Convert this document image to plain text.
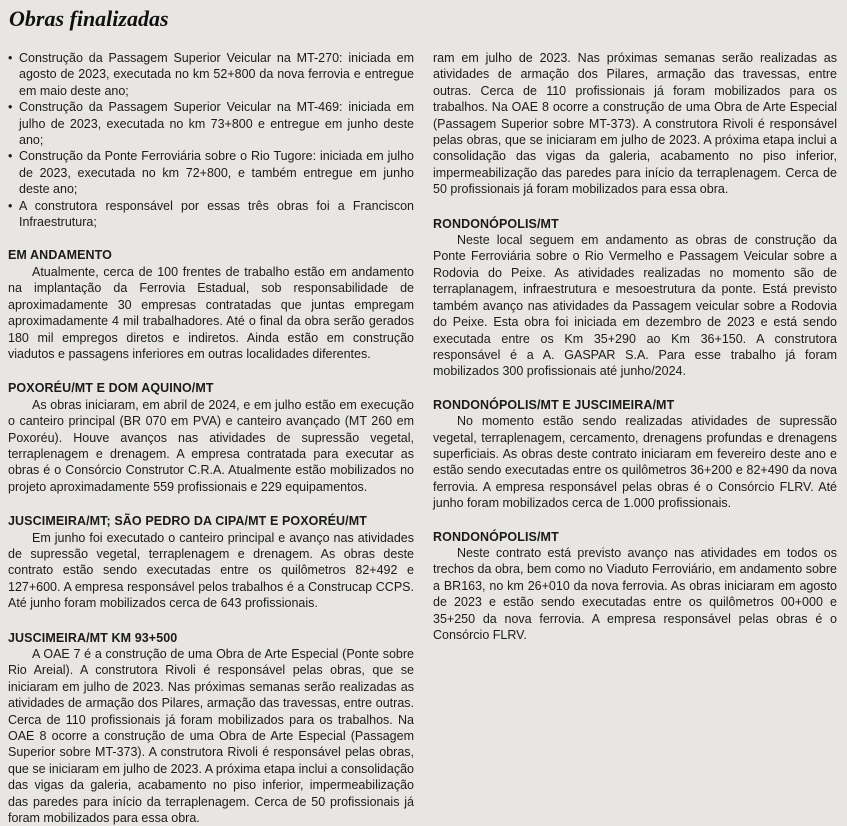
Obras finalizadas
• Construção da Passagem Superior Veicular na MT-270: iniciada em agosto de 2023, executada no km 52+800 da nova ferrovia e entregue em maio deste ano;
• Construção da Passagem Superior Veicular na MT-469: iniciada em julho de 2023, executada no km 73+800 e entregue em junho deste ano;
• Construção da Ponte Ferroviária sobre o Rio Tugore: iniciada em julho de 2023, executada no km 72+800, e também entregue em junho deste ano;
• A construtora responsável por essas três obras foi a Franciscon Infraestrutura;
EM ANDAMENTO

Atualmente, cerca de 100 frentes de trabalho estão em andamento na implantação da Ferrovia Estadual, sob responsabilidade de aproximadamente 30 empresas contratadas que juntas empregam aproximadamente 4 mil trabalhadores. Até o final da obra serão gerados 180 mil empregos diretos e indiretos. Ainda estão em construção viadutos e passagens inferiores em outras localidades diferentes.

POXORÉU/MT E DOM AQUINO/MT

As obras iniciaram, em abril de 2024, e em julho estão em execução o canteiro principal (BR 070 em PVA) e canteiro avançado (MT 260 em Poxoréu). Houve avanços nas atividades de supressão vegetal, terraplenagem e drenagem. A empresa contratada para executar as obras é o Consórcio Construtor C.R.A. Atualmente estão mobilizados no projeto aproximadamente 559 profissionais e 229 equipamentos.

JUSCIMEIRA/MT; SÃO PEDRO DA CIPA/MT E POXORÉU/MT

Em junho foi executado o canteiro principal e avanço nas atividades de supressão vegetal, terraplenagem e drenagem. As obras deste contrato estão sendo executadas entre os quilômetros 82+492 e 127+600. A empresa responsável pelos trabalhos é a Construcap CCPS. Até junho foram mobilizados cerca de 643 profissionais.

JUSCIMEIRA/MT KM 93+500

A OAE 7 é a construção de uma Obra de Arte Especial (Ponte sobre Rio Areial). A construtora Rivoli é responsável pelas obras, que se iniciaram em julho de 2023. Nas próximas semanas serão realizadas as atividades de armação dos Pilares, armação das travessas, entre outras. Cerca de 110 profissionais já foram mobilizados para os trabalhos. Na OAE 8 ocorre a construção de uma Obra de Arte Especial (Passagem Superior sobre MT-373). A construtora Rivoli é responsável pelas obras, que se iniciaram em julho de 2023. A próxima etapa inclui a consolidação das vigas da galeria, acabamento no piso inferior, impermeabilização das paredes para início da terraplenagem. Cerca de 50 profissionais já foram mobilizados para essa obra.

ram em julho de 2023. Nas próximas semanas serão realizadas as atividades de armação dos Pilares, armação das travessas, entre outras. Cerca de 110 profissionais já foram mobilizados para os trabalhos. Na OAE 8 ocorre a construção de uma Obra de Arte Especial (Passagem Superior sobre MT-373). A construtora Rivoli é responsável pelas obras, que se iniciaram em julho de 2023. A próxima etapa inclui a consolidação das vigas da galeria, acabamento no piso inferior, impermeabilização das paredes para início da terraplenagem. Cerca de 50 profissionais já foram mobilizados para essa obra.

RONDONÓPOLIS/MT

Neste local seguem em andamento as obras de construção da Ponte Ferroviária sobre o Rio Vermelho e Passagem Veicular sobre a Rodovia do Peixe. As atividades realizadas no momento são de terraplanagem, infraestrutura e mesoestrutura da ponte. Está previsto também avanço nas atividades da Passagem veicular sobre a Rodovia do Peixe. Esta obra foi iniciada em dezembro de 2023 e está sendo executada entre os Km 35+290 ao Km 36+150. A construtora responsável é a A. GASPAR S.A. Para esse trabalho já foram mobilizados 300 profissionais até junho/2024.

RONDONÓPOLIS/MT E JUSCIMEIRA/MT

No momento estão sendo realizadas atividades de supressão vegetal, terraplenagem, cercamento, drenagens profundas e drenagens superficiais. As obras deste contrato iniciaram em fevereiro deste ano e estão sendo executadas entre os quilômetros 36+200 e 82+490 da nova ferrovia. A empresa responsável pelas obras é o Consórcio FLRV. Até junho foram mobilizados cerca de 1.000 profissionais.

RONDONÓPOLIS/MT

Neste contrato está previsto avanço nas atividades em todos os trechos da obra, bem como no Viaduto Ferroviário, em andamento sobre a BR163, no km 26+010 da nova ferrovia. As obras iniciaram em agosto de 2023 e estão sendo executadas entre os quilômetros 00+000 e 35+250 da nova ferrovia. A empresa responsável pelas obras é o Consórcio FLRV.
